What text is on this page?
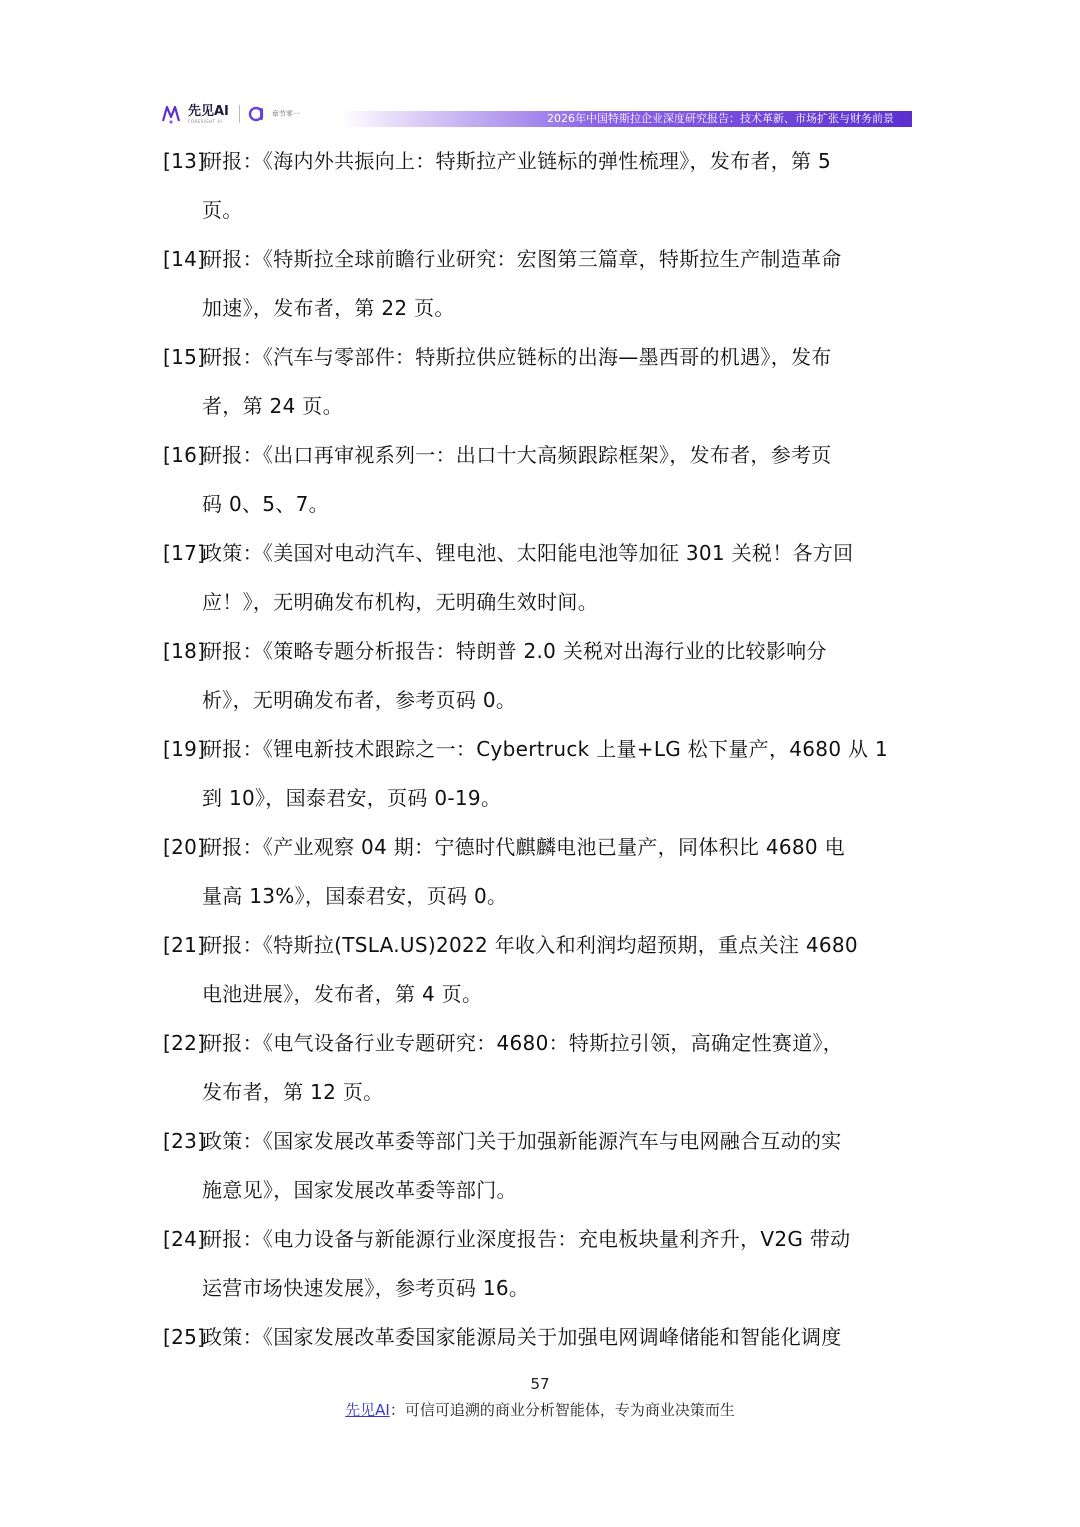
先见AI
FORESIGHT AI
章节零一	2026年中国特斯拉企业深度研究报告：技术革新、市场扩张与财务前景
[13]
研报：《海内外共振向上：特斯拉产业链标的弹性梳理》，发布者，第 5
页。
[14]
研报：《特斯拉全球前瞻行业研究：宏图第三篇章，特斯拉生产制造革命
加速》，发布者，第 22 页。
[15]
研报：《汽车与零部件：特斯拉供应链标的出海—墨西哥的机遇》，发布
者，第 24 页。
[16]
研报：《出口再审视系列一：出口十大高频跟踪框架》，发布者，参考页
码 0、5、7。
[17]
政策：《美国对电动汽车、锂电池、太阳能电池等加征 301 关税！各方回
应！》，无明确发布机构，无明确生效时间。
[18]
研报：《策略专题分析报告：特朗普 2.0 关税对出海行业的比较影响分
析》，无明确发布者，参考页码 0。
[19]
研报：《锂电新技术跟踪之一：Cybertruck 上量+LG 松下量产，4680 从 1
到 10》，国泰君安，页码 0-19。
[20]
研报：《产业观察 04 期：宁德时代麒麟电池已量产，同体积比 4680 电
量高 13%》，国泰君安，页码 0。
[21]
研报：《特斯拉(TSLA.US)2022 年收入和利润均超预期，重点关注 4680
电池进展》，发布者，第 4 页。
[22]
研报：《电气设备行业专题研究：4680：特斯拉引领，高确定性赛道》，
发布者，第 12 页。
[23]
政策：《国家发展改革委等部门关于加强新能源汽车与电网融合互动的实
施意见》，国家发展改革委等部门。
[24]
研报：《电力设备与新能源行业深度报告：充电板块量利齐升，V2G 带动
运营市场快速发展》，参考页码 16。
[25]
政策：《国家发展改革委国家能源局关于加强电网调峰储能和智能化调度
57
先见AI：可信可追溯的商业分析智能体，专为商业决策而生
